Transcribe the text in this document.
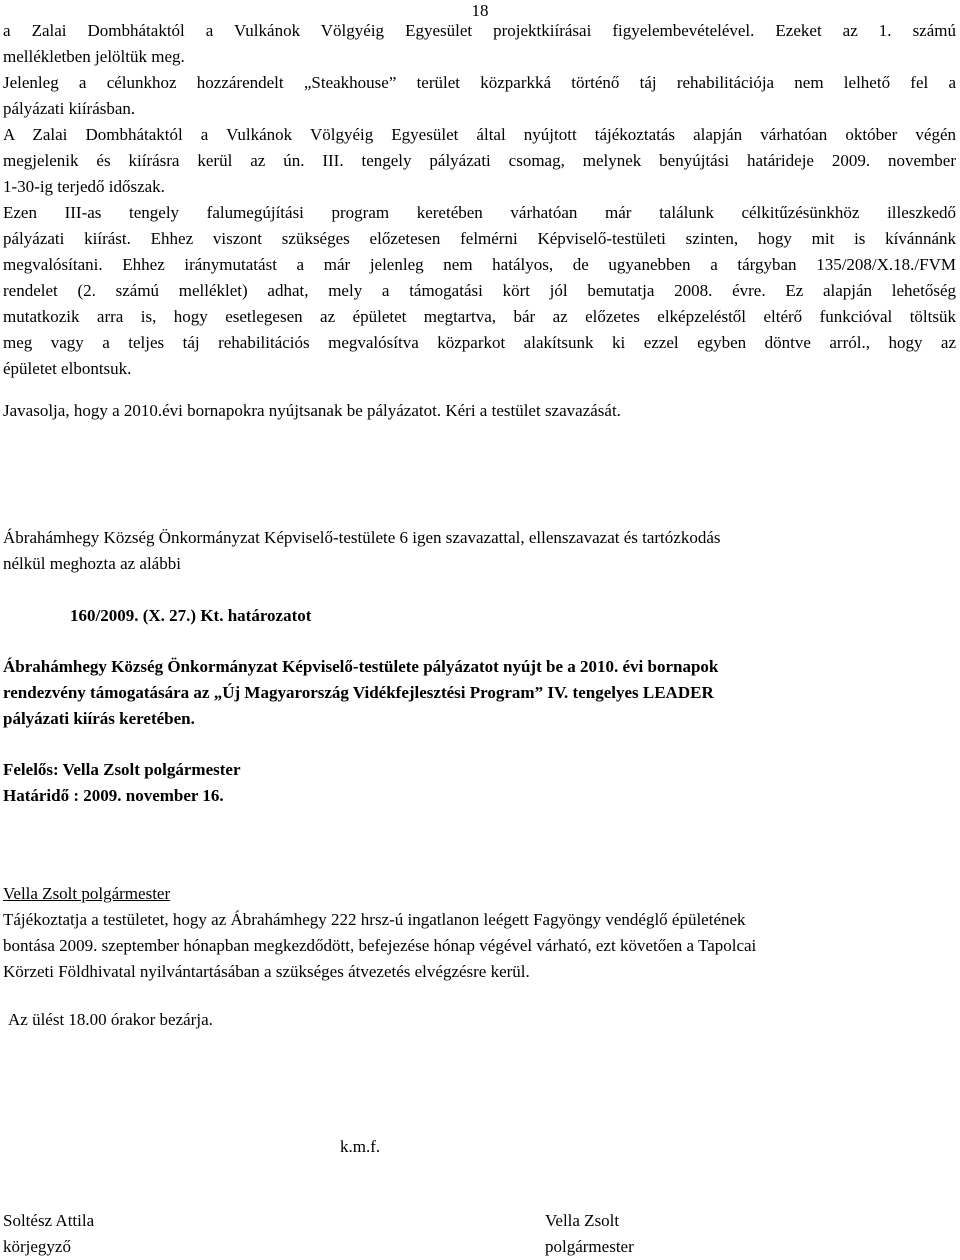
18
a Zalai Dombhátaktól a Vulkánok Völgyéig Egyesület projektkiírásai figyelembevételével. Ezeket az 1. számú
mellékletben jelöltük meg.
Jelenleg a célunkhoz hozzárendelt „Steakhouse” terület közparkká történő táj rehabilitációja nem lelhető fel a
pályázati kiírásban.
A Zalai Dombhátaktól a Vulkánok Völgyéig Egyesület által nyújtott tájékoztatás alapján várhatóan október végén
megjelenik és kiírásra kerül az ún. III. tengely pályázati csomag, melynek benyújtási határideje 2009. november
1-30-ig terjedő időszak.
Ezen III-as tengely falumegújítási program keretében várhatóan már találunk célkitűzésünkhöz illeszkedő
pályázati kiírást. Ehhez viszont szükséges előzetesen felmérni Képviselő-testületi szinten, hogy mit is kívánnánk
megvalósítani. Ehhez iránymutatást a már jelenleg nem hatályos, de ugyanebben a tárgyban 135/208/X.18./FVM
rendelet (2. számú melléklet) adhat, mely a támogatási kört jól bemutatja 2008. évre. Ez alapján lehetőség
mutatkozik arra is, hogy esetlegesen az épületet megtartva, bár az előzetes elképzeléstől eltérő funkcióval töltsük
meg vagy a teljes táj rehabilitációs megvalósítva közparkot alakítsunk ki ezzel egyben döntve arról., hogy az
épületet elbontsuk.
Javasolja, hogy a 2010.évi bornapokra nyújtsanak be pályázatot. Kéri a testület szavazását.
Ábrahámhegy Község Önkormányzat Képviselő-testülete 6 igen szavazattal, ellenszavazat és tartózkodás
nélkül meghozta az alábbi
160/2009. (X. 27.) Kt. határozatot
Ábrahámhegy Község Önkormányzat Képviselő-testülete pályázatot nyújt be a 2010. évi bornapok
rendezvény támogatására az „Új Magyarország Vidékfejlesztési Program” IV. tengelyes LEADER
pályázati kiírás keretében.
Felelős: Vella Zsolt polgármester
Határidő : 2009. november 16.
Vella Zsolt polgármester
Tájékoztatja a testületet, hogy az Ábrahámhegy 222 hrsz-ú ingatlanon leégett Fagyöngy vendéglő épületének
bontása 2009. szeptember hónapban megkezdődött, befejezése hónap végével várható, ezt követően a Tapolcai
Körzeti Földhivatal nyilvántartásában a szükséges átvezetés elvégzésre kerül.
Az ülést 18.00 órakor bezárja.
k.m.f.
Soltész Attila
körjegyző
Vella Zsolt
polgármester
